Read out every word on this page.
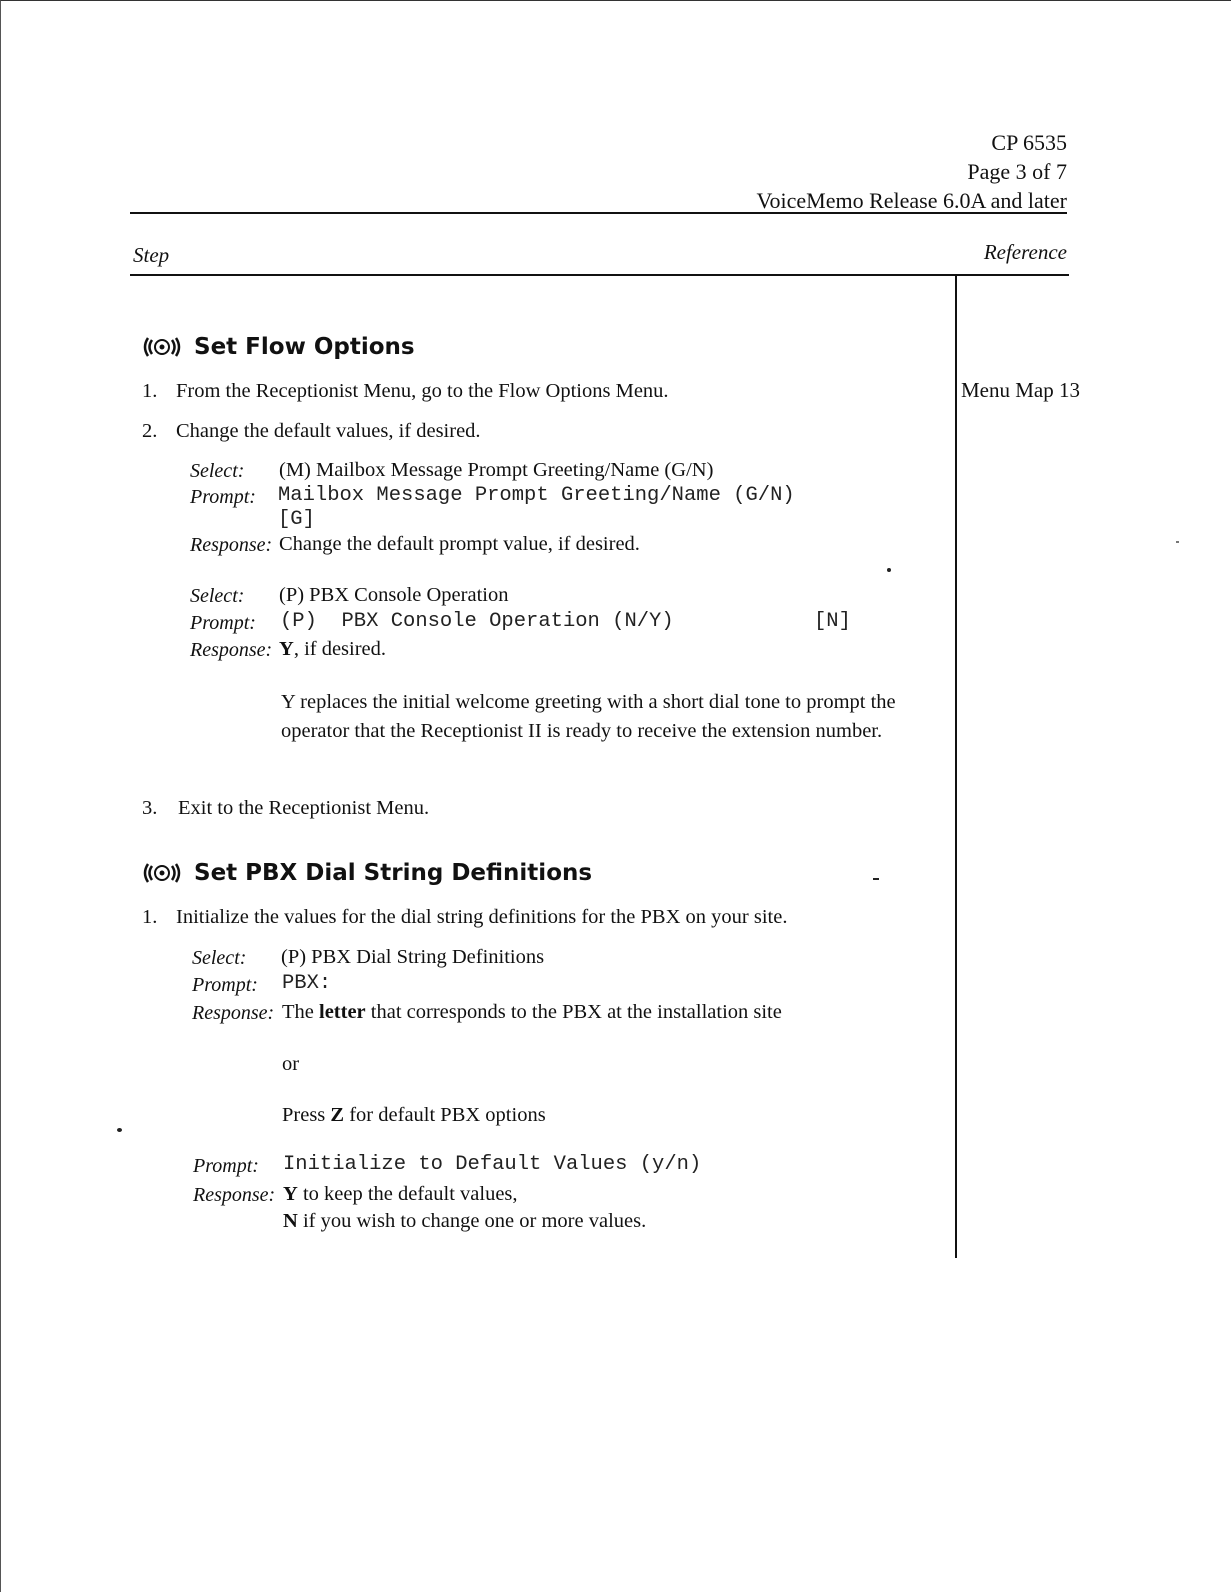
CP 6535
Page 3 of 7
VoiceMemo Release 6.0A and later
Step	Reference
Set Flow Options
1. From the Receptionist Menu, go to the Flow Options Menu.	Menu Map 13
2. Change the default values, if desired.
Select: (M) Mailbox Message Prompt Greeting/Name (G/N)
Prompt: Mailbox Message Prompt Greeting/Name (G/N)
[G]
Response: Change the default prompt value, if desired.
Select: (P) PBX Console Operation
Prompt: (P)  PBX Console Operation (N/Y)	[N]
Response: Y, if desired.
Y replaces the initial welcome greeting with a short dial tone to prompt the operator that the Receptionist II is ready to receive the extension number.
3. Exit to the Receptionist Menu.
Set PBX Dial String Definitions
1. Initialize the values for the dial string definitions for the PBX on your site.
Select: (P) PBX Dial String Definitions
Prompt: PBX:
Response: The letter that corresponds to the PBX at the installation site
or
Press Z for default PBX options
Prompt: Initialize to Default Values (y/n)
Response: Y to keep the default values,
N if you wish to change one or more values.
